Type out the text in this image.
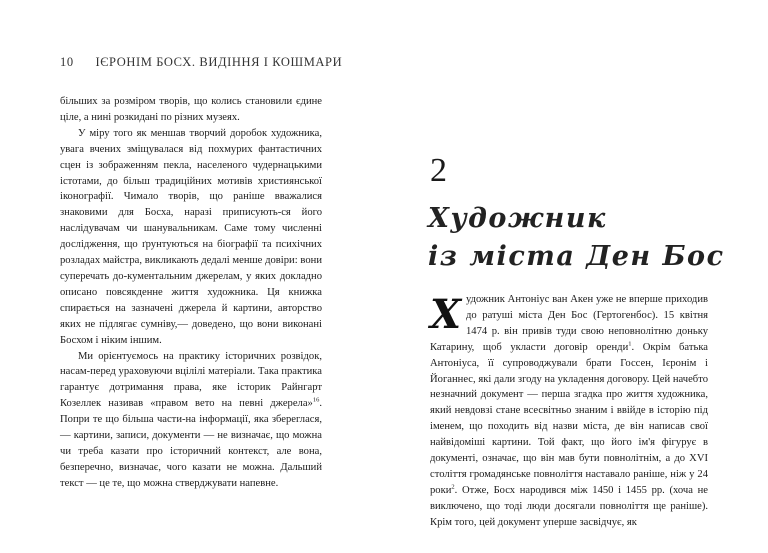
10 ІЄРОНІМ БОСХ. ВИДІННЯ І КОШМАРИ

більших за розміром творів, що колись становили єдине ціле, а нині розкидані по різних музеях.

У міру того як меншав творчий доробок художника, увага вчених зміщувалася від похмурих фантастичних сцен із зображенням пекла, населеного чудернацькими істотами, до більш традиційних мотивів християнської іконографії. Чимало творів, що раніше вважалися знаковими для Босха, наразі приписують-ся його наслідувачам чи шанувальникам. Саме тому численні дослідження, що ґрунтуються на біографії та психічних розладах майстра, викликають дедалі менше довіри: вони суперечать до-кументальним джерелам, у яких докладно описано повсякденне життя художника. Ця книжка спирається на зазначені джерела й картини, авторство яких не підлягає сумніву,— доведено, що вони виконані Босхом і ніким іншим.

Ми орієнтуємось на практику історичних розвідок, насам-перед ураховуючи вцілілі матеріали. Така практика гарантує дотримання права, яке історик Райнгарт Козеллек називав «правом вето на певні джерела»$^{16}$. Попри те що більша части-на інформації, яка збереглася,— картини, записи, документи — не визначає, що можна чи треба казати про історичний контекст, але вона, безперечно, визначає, чого казати не можна. Дальший текст — це те, що можна стверджувати напевне.

2
Художник
із міста Ден Бос

Художник Антоніус ван Акен уже не вперше приходив до ратуші міста Ден Бос (Гертогенбос). 15 квітня 1474 р. він привів туди свою неповнолітню доньку Катарину, щоб укласти договір оренди$^1$. Окрім батька Антоніуса, її супроводжували брати Госсен, Ієронім і Йоганнес, які дали згоду на укладення договору. Цей начебто незначний документ — перша згадка про життя художника, який невдовзі стане всесвітньо знаним і ввійде в історію під іменем, що походить від назви міста, де він написав свої найвідоміші картини. Той факт, що його ім'я фігурує в документі, означає, що він мав бути повнолітнім, а до XVI століття громадянське повноліття наставало раніше, ніж у 24 роки$^2$. Отже, Босх народився між 1450 і 1455 рр. (хоча не виключено, що тоді люди досягали повноліття ще раніше). Крім того, цей документ уперше засвідчує, як
